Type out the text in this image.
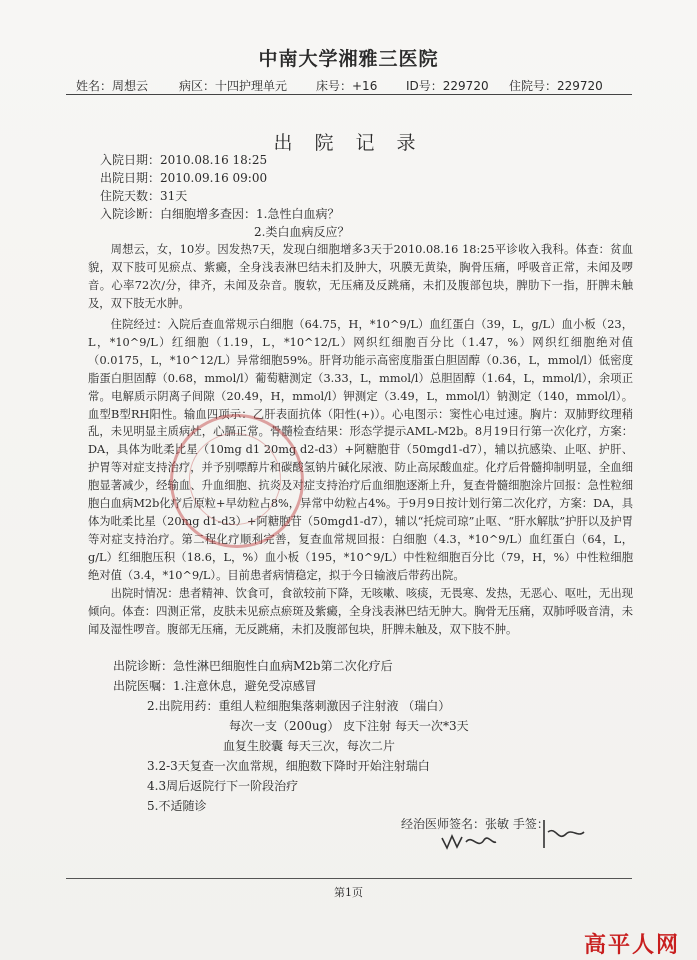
中南大学湘雅三医院
姓名：周想云	病区：十四护理单元 床号：+16 ID号：229720 住院号：229720
出 院 记 录
入院日期：2010.08.16 18:25
出院日期：2010.09.16 09:00
住院天数：31天
入院诊断：白细胞增多查因：1.急性白血病？
2.类白血病反应？
周想云，女，10岁。因发热7天，发现白细胞增多3天于2010.08.16 18:25平诊收入我科。体查：贫血貌，双下肢可见瘀点、紫癜，全身浅表淋巴结未扪及肿大，巩膜无黄染，胸骨压痛，呼吸音正常，未闻及啰音。心率72次/分，律齐，未闻及杂音。腹软，无压痛及反跳痛，未扪及腹部包块，脾肋下一指，肝脾未触及，双下肢无水肿。
住院经过：入院后查血常规示白细胞（64.75，H，*10^9/L）血红蛋白（39，L，g/L）血小板（23，L，*10^9/L）红细胞（1.19，L，*10^12/L）网织红细胞百分比（1.47，%）网织红细胞绝对值（0.0175，L，*10^12/L）异常细胞59%。肝肾功能示高密度脂蛋白胆固醇（0.36，L，mmol/l）低密度脂蛋白胆固醇（0.68，mmol/l）葡萄糖测定（3.33，L，mmol/l）总胆固醇（1.64，L，mmol/l），余项正常。电解质示阴离子间隙（20.49，H，mmol/l）钾测定（3.49，L，mmol/l）钠测定（140，mmol/l）。血型B型RH阳性。输血四项示：乙肝表面抗体（阳性(+)）。心电图示：窦性心电过速。胸片：双肺野纹理稍乱，未见明显主质病灶，心膈正常。骨髓检查结果：形态学提示AML-M2b。8月19日行第一次化疗，方案：DA，具体为吡柔比星（10mg d1 20mg d2-d3）+阿糖胞苷（50mgd1-d7），辅以抗感染、止呕、护肝、护胃等对症支持治疗，并予别嘌醇片和碳酸氢钠片碱化尿液、防止高尿酸血症。化疗后骨髓抑制明显，全血细胞显著减少，经输血、升血细胞、抗炎及对症支持治疗后血细胞逐渐上升，复查骨髓细胞涂片回报：急性粒细胞白血病M2b化疗后原粒+早幼粒占8%，异常中幼粒占4%。于9月9日按计划行第二次化疗，方案：DA，具体为吡柔比星（20mg d1-d3）+阿糖胞苷（50mgd1-d7），辅以“托烷司琼”止呕、“肝水解肽”护肝以及护胃等对症支持治疗。第二程化疗顺利完善，复查血常规回报：白细胞（4.3，*10^9/L）血红蛋白（64，L，g/L）红细胞压积（18.6，L，%）血小板（195，*10^9/L）中性粒细胞百分比（79，H，%）中性粒细胞绝对值（3.4，*10^9/L）。目前患者病情稳定，拟于今日输液后带药出院。
出院时情况：患者精神、饮食可，食欲较前下降，无咳嗽、咳痰，无畏寒、发热，无恶心、呕吐，无出现倾向。体查：四测正常，皮肤未见瘀点瘀斑及紫癜，全身浅表淋巴结无肿大。胸骨无压痛，双肺呼吸音清，未闻及湿性啰音。腹部无压痛，无反跳痛，未扪及腹部包块，肝脾未触及，双下肢不肿。
出院诊断：急性淋巴细胞性白血病M2b第二次化疗后
出院医嘱：1.注意休息，避免受凉感冒
2.出院用药：重组人粒细胞集落刺激因子注射液 （瑞白）
每次一支（200ug） 皮下注射 每天一次*3天
血复生胶囊 每天三次，每次二片
3.2-3天复查一次血常规，细胞数下降时开始注射瑞白
4.3周后返院行下一阶段治疗
5.不适随诊
经治医师签名：张敏 手签：
第1页
高平人网
